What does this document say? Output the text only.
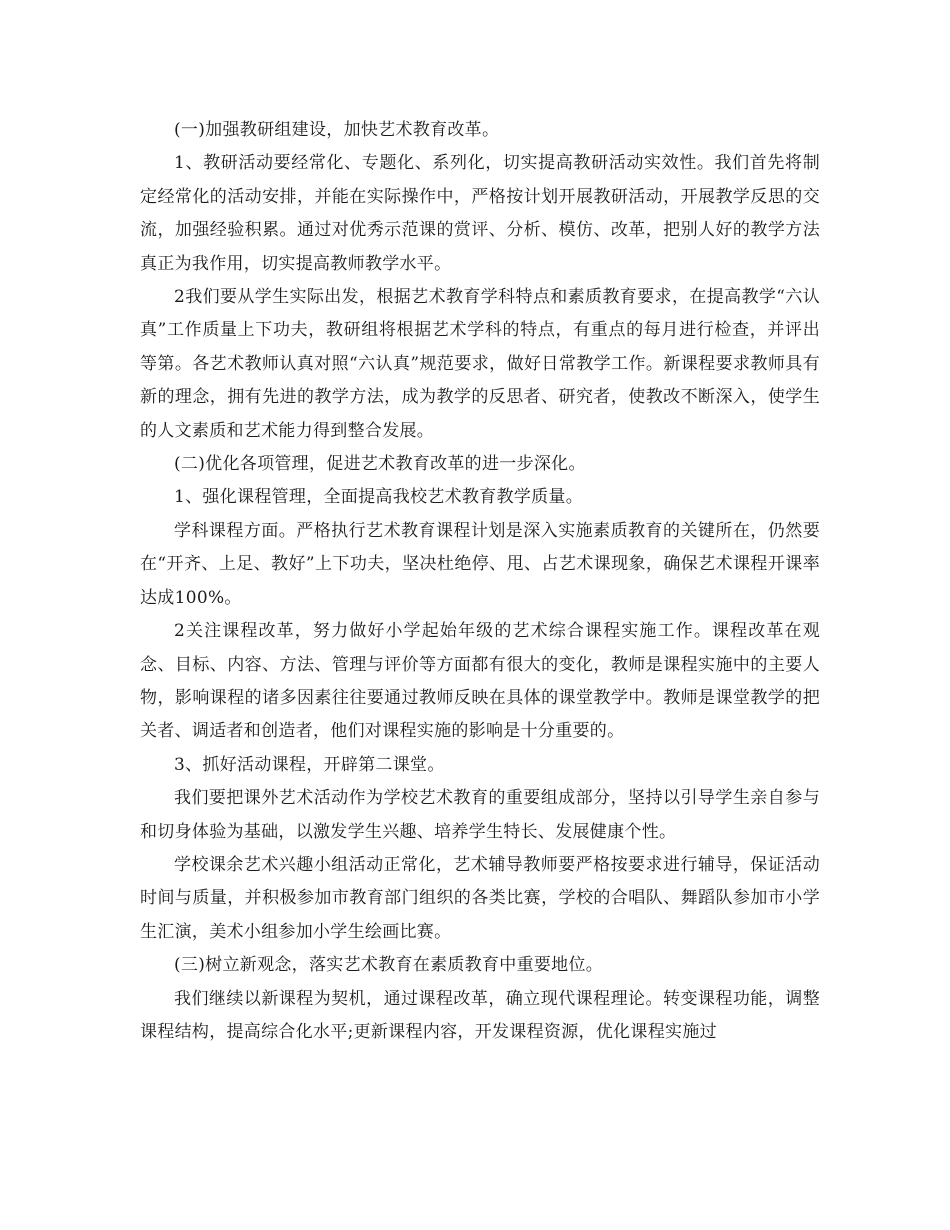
(一)加强教研组建设，加快艺术教育改革。

1、教研活动要经常化、专题化、系列化，切实提高教研活动实效性。我们首先将制定经常化的活动安排，并能在实际操作中，严格按计划开展教研活动，开展教学反思的交流，加强经验积累。通过对优秀示范课的赏评、分析、模仿、改革，把别人好的教学方法真正为我作用，切实提高教师教学水平。

2我们要从学生实际出发，根据艺术教育学科特点和素质教育要求，在提高教学“六认真”工作质量上下功夫，教研组将根据艺术学科的特点，有重点的每月进行检查，并评出等第。各艺术教师认真对照“六认真”规范要求，做好日常教学工作。新课程要求教师具有新的理念，拥有先进的教学方法，成为教学的反思者、研究者，使教改不断深入，使学生的人文素质和艺术能力得到整合发展。

(二)优化各项管理，促进艺术教育改革的进一步深化。

1、强化课程管理，全面提高我校艺术教育教学质量。

学科课程方面。严格执行艺术教育课程计划是深入实施素质教育的关键所在，仍然要在“开齐、上足、教好”上下功夫，坚决杜绝停、甩、占艺术课现象，确保艺术课程开课率达成100%。

2关注课程改革，努力做好小学起始年级的艺术综合课程实施工作。课程改革在观念、目标、内容、方法、管理与评价等方面都有很大的变化，教师是课程实施中的主要人物，影响课程的诸多因素往往要通过教师反映在具体的课堂教学中。教师是课堂教学的把关者、调适者和创造者，他们对课程实施的影响是十分重要的。

3、抓好活动课程，开辟第二课堂。

我们要把课外艺术活动作为学校艺术教育的重要组成部分，坚持以引导学生亲自参与和切身体验为基础，以激发学生兴趣、培养学生特长、发展健康个性。

学校课余艺术兴趣小组活动正常化，艺术辅导教师要严格按要求进行辅导，保证活动时间与质量，并积极参加市教育部门组织的各类比赛，学校的合唱队、舞蹈队参加市小学生汇演，美术小组参加小学生绘画比赛。

(三)树立新观念，落实艺术教育在素质教育中重要地位。

我们继续以新课程为契机，通过课程改革，确立现代课程理论。转变课程功能，调整课程结构，提高综合化水平;更新课程内容，开发课程资源，优化课程实施过
